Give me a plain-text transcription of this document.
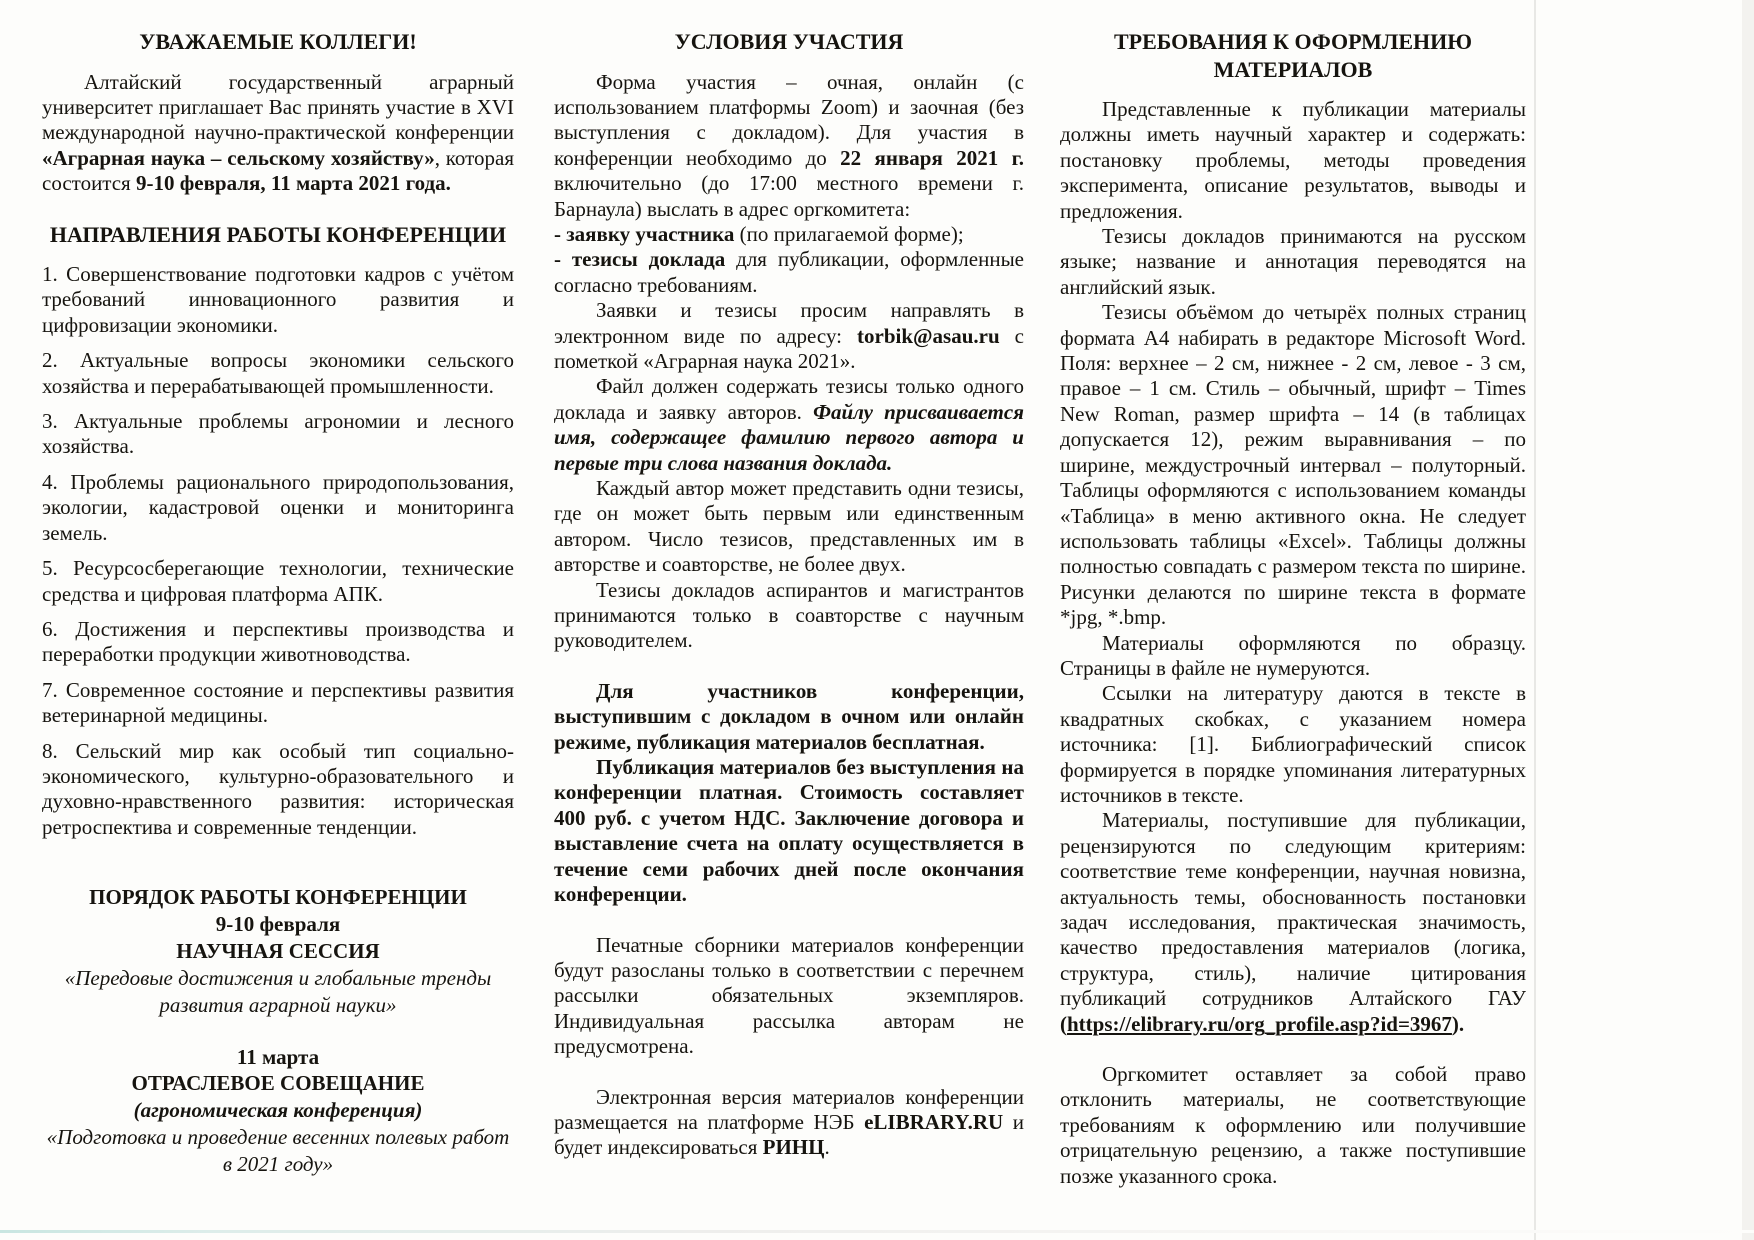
УВАЖАЕМЫЕ КОЛЛЕГИ!

Алтайский государственный аграрный университет приглашает Вас принять участие в XVI международной научно-практической конференции «Аграрная наука – сельскому хозяйству», которая состоится 9-10 февраля, 11 марта 2021 года.

НАПРАВЛЕНИЯ РАБОТЫ КОНФЕРЕНЦИИ

1. Совершенствование подготовки кадров с учётом требований инновационного развития и цифровизации экономики.

2. Актуальные вопросы экономики сельского хозяйства и перерабатывающей промышленности.

3. Актуальные проблемы агрономии и лесного хозяйства.

4. Проблемы рационального природопользования, экологии, кадастровой оценки и мониторинга земель.

5. Ресурсосберегающие технологии, технические средства и цифровая платформа АПК.

6. Достижения и перспективы производства и переработки продукции животноводства.

7. Современное состояние и перспективы развития ветеринарной медицины.

8. Сельский мир как особый тип социально-экономического, культурно-образовательного и духовно-нравственного развития: историческая ретроспектива и современные тенденции.

ПОРЯДОК РАБОТЫ КОНФЕРЕНЦИИ
9-10 февраля
НАУЧНАЯ СЕССИЯ
«Передовые достижения и глобальные тренды развития аграрной науки»
11 марта
ОТРАСЛЕВОЕ СОВЕЩАНИЕ
(агрономическая конференция)
«Подготовка и проведение весенних полевых работ в 2021 году»
УСЛОВИЯ УЧАСТИЯ

Форма участия – очная, онлайн (с использованием платформы Zoom) и заочная (без выступления с докладом). Для участия в конференции необходимо до 22 января 2021 г. включительно (до 17:00 местного времени г. Барнаула) выслать в адрес оргкомитета:

- заявку участника (по прилагаемой форме);

- тезисы доклада для публикации, оформленные согласно требованиям.

Заявки и тезисы просим направлять в электронном виде по адресу: torbik@asau.ru с пометкой «Аграрная наука 2021».

Файл должен содержать тезисы только одного доклада и заявку авторов. Файлу присваивается имя, содержащее фамилию первого автора и первые три слова названия доклада.

Каждый автор может представить одни тезисы, где он может быть первым или единственным автором. Число тезисов, представленных им в авторстве и соавторстве, не более двух.

Тезисы докладов аспирантов и магистрантов принимаются только в соавторстве с научным руководителем.

Для участников конференции, выступившим с докладом в очном или онлайн режиме, публикация материалов бесплатная.

Публикация материалов без выступления на конференции платная. Стоимость составляет 400 руб. с учетом НДС. Заключение договора и выставление счета на оплату осуществляется в течение семи рабочих дней после окончания конференции.

Печатные сборники материалов конференции будут разосланы только в соответствии с перечнем рассылки обязательных экземпляров. Индивидуальная рассылка авторам не предусмотрена.

Электронная версия материалов конференции размещается на платформе НЭБ eLIBRARY.RU и будет индексироваться РИНЦ.

ТРЕБОВАНИЯ К ОФОРМЛЕНИЮ МАТЕРИАЛОВ

Представленные к публикации материалы должны иметь научный характер и содержать: постановку проблемы, методы проведения эксперимента, описание результатов, выводы и предложения.

Тезисы докладов принимаются на русском языке; название и аннотация переводятся на английский язык.

Тезисы объёмом до четырёх полных страниц формата А4 набирать в редакторе Microsoft Word. Поля: верхнее – 2 см, нижнее - 2 см, левое - 3 см, правое – 1 см. Стиль – обычный, шрифт – Times New Roman, размер шрифта – 14 (в таблицах допускается 12), режим выравнивания – по ширине, междустрочный интервал – полуторный. Таблицы оформляются с использованием команды «Таблица» в меню активного окна. Не следует использовать таблицы «Excel». Таблицы должны полностью совпадать с размером текста по ширине. Рисунки делаются по ширине текста в формате *jpg, *.bmp.

Материалы оформляются по образцу. Страницы в файле не нумеруются.

Ссылки на литературу даются в тексте в квадратных скобках, с указанием номера источника: [1]. Библиографический список формируется в порядке упоминания литературных источников в тексте.

Материалы, поступившие для публикации, рецензируются по следующим критериям: соответствие теме конференции, научная новизна, актуальность темы, обоснованность постановки задач исследования, практическая значимость, качество предоставления материалов (логика, структура, стиль), наличие цитирования публикаций сотрудников Алтайского ГАУ (https://elibrary.ru/org_profile.asp?id=3967).

Оргкомитет оставляет за собой право отклонить материалы, не соответствующие требованиям к оформлению или получившие отрицательную рецензию, а также поступившие позже указанного срока.
